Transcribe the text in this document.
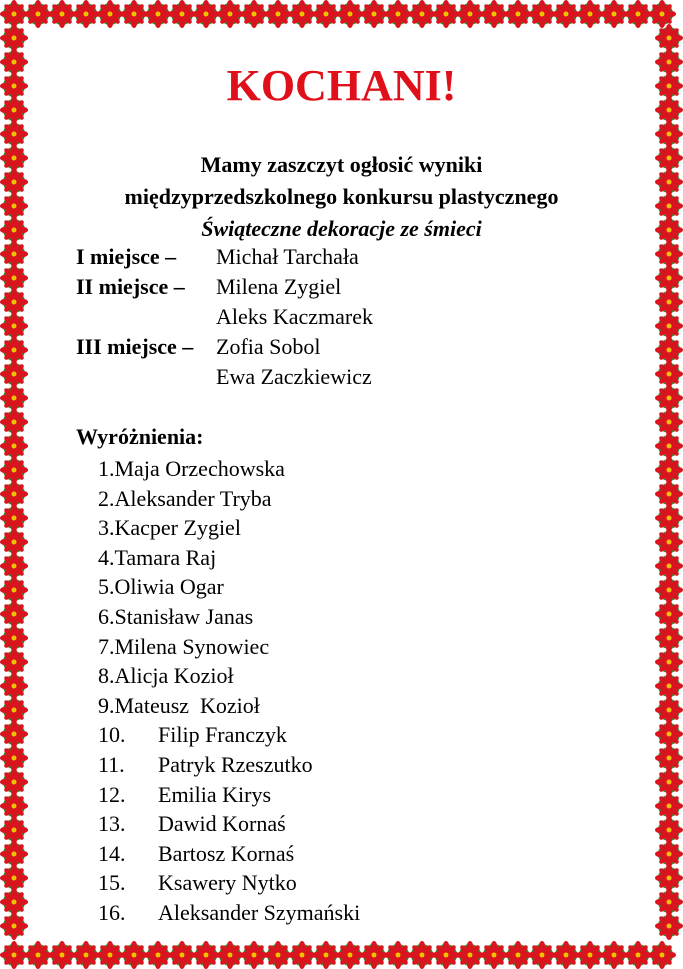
KOCHANI!
Mamy zaszczyt ogłosić wyniki
międzyprzedszkolnego konkursu plastycznego
Świąteczne dekoracje ze śmieci
I miejsce –	Michał Tarchała
II miejsce –	Milena Zygiel
Aleks Kaczmarek
III miejsce –	Zofia Sobol
Ewa Zaczkiewicz
Wyróżnienia:
1. Maja Orzechowska
2. Aleksander Tryba
3. Kacper Zygiel
4. Tamara Raj
5. Oliwia Ogar
6. Stanisław Janas
7. Milena Synowiec
8. Alicja Kozioł
9. Mateusz  Kozioł
10.	Filip Franczyk
11.	Patryk Rzeszutko
12.	Emilia Kirys
13.	Dawid Kornaś
14.	Bartosz Kornaś
15.	Ksawery Nytko
16.	Aleksander Szymański
